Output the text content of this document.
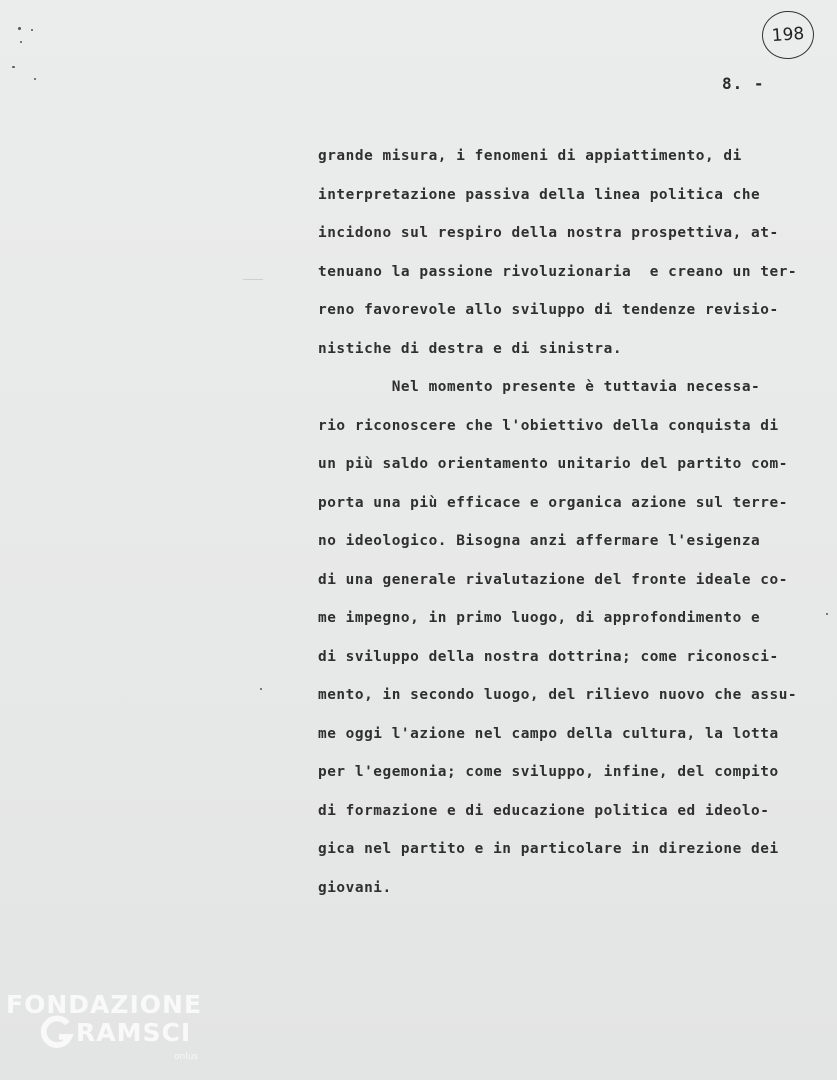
198
8. -
grande misura, i fenomeni di appiattimento, di
interpretazione passiva della linea politica che
incidono sul respiro della nostra prospettiva, at-
tenuano la passione rivoluzionaria  e creano un ter-
reno favorevole allo sviluppo di tendenze revisio-
nistiche di destra e di sinistra.
Nel momento presente è tuttavia necessa-
rio riconoscere che l'obiettivo della conquista di
un più saldo orientamento unitario del partito com-
porta una più efficace e organica azione sul terre-
no ideologico. Bisogna anzi affermare l'esigenza
di una generale rivalutazione del fronte ideale co-
me impegno, in primo luogo, di approfondimento e
di sviluppo della nostra dottrina; come riconosci-
mento, in secondo luogo, del rilievo nuovo che assu-
me oggi l'azione nel campo della cultura, la lotta
per l'egemonia; come sviluppo, infine, del compito
di formazione e di educazione politica ed ideolo-
gica nel partito e in particolare in direzione dei
giovani.
FONDAZIONE
RAMSCI
onlus
